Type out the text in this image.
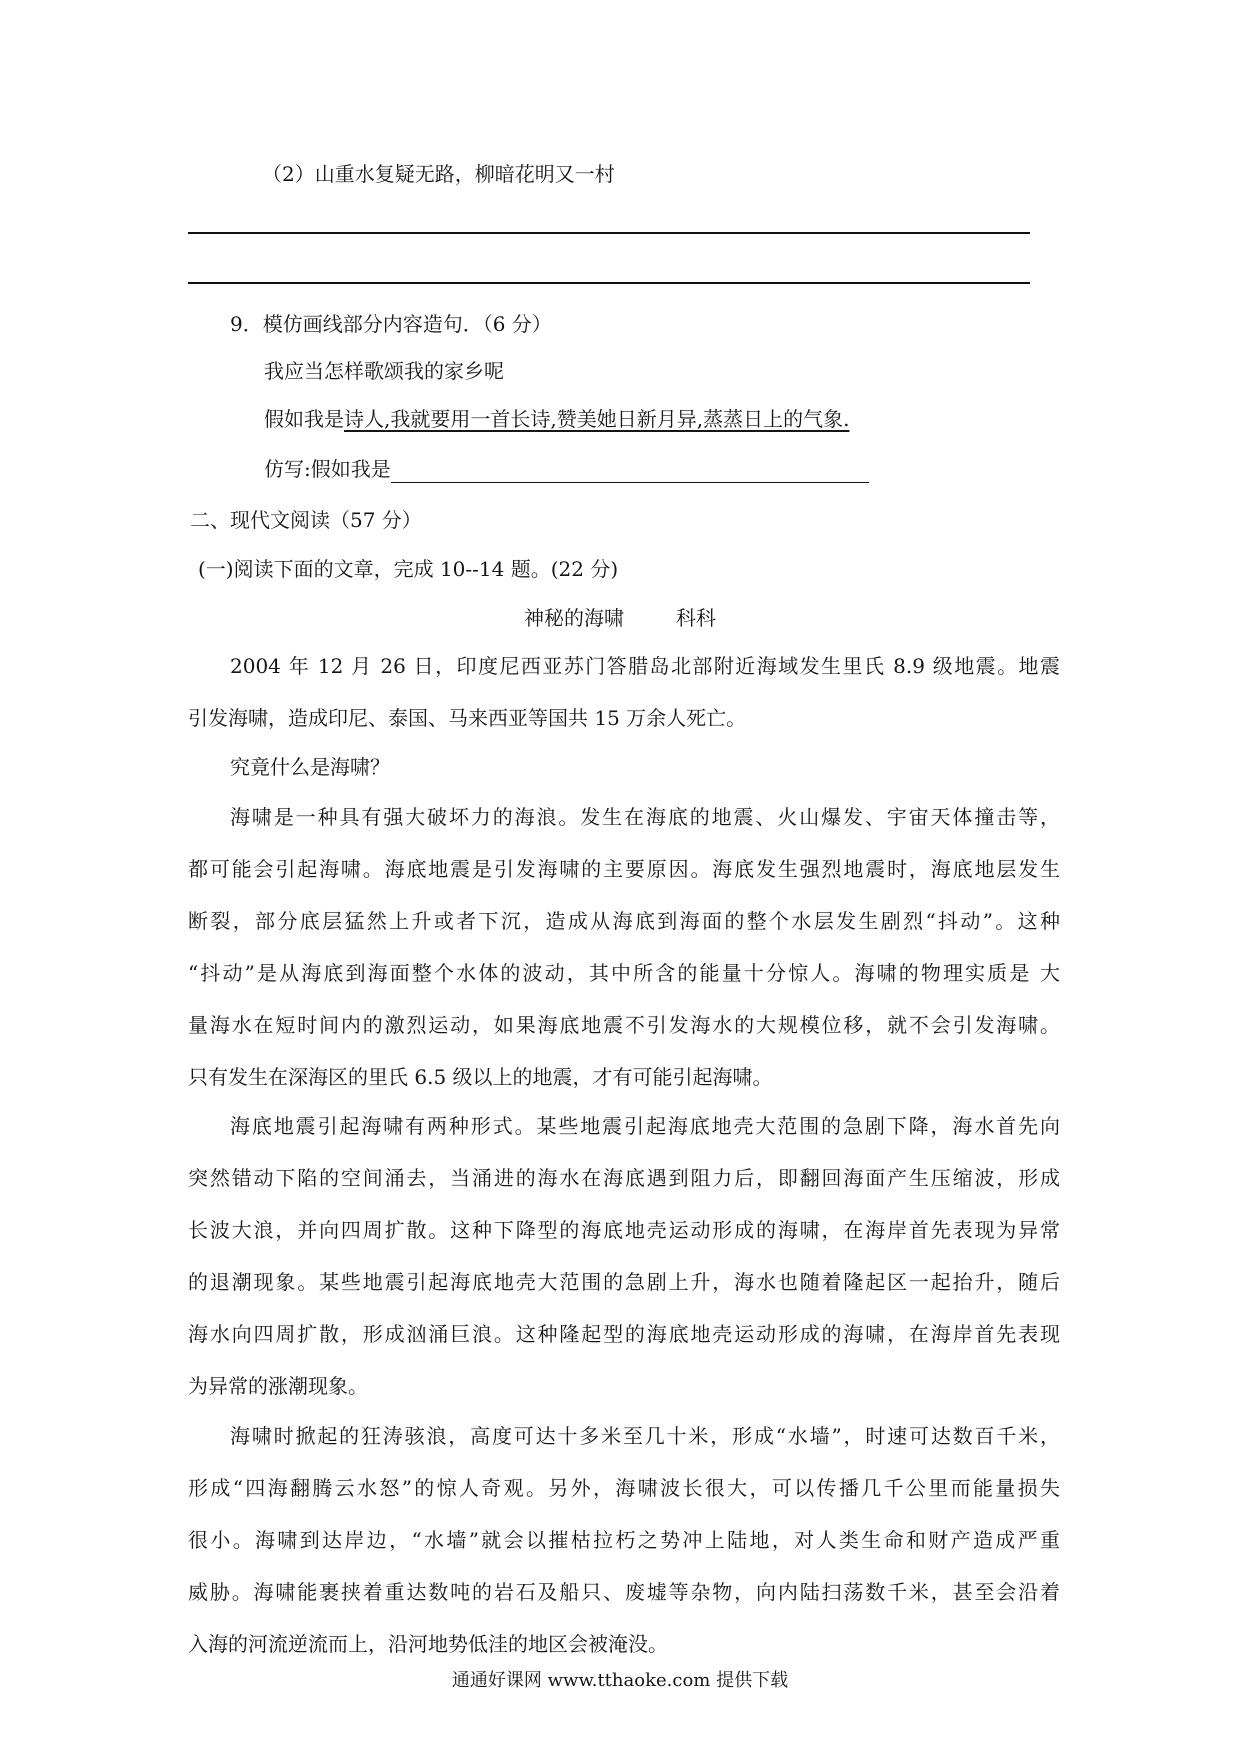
（2）山重水复疑无路，柳暗花明又一村
9．模仿画线部分内容造句．（6 分）
我应当怎样歌颂我的家乡呢
假如我是诗人,我就要用一首长诗,赞美她日新月异,蒸蒸日上的气象.
仿写:假如我是
二、现代文阅读（57 分）
(一)阅读下面的文章，完成 10--14 题。(22 分)
神秘的海啸	科科
2004 年 12 月 26 日，印度尼西亚苏门答腊岛北部附近海域发生里氏 8.9 级地震。地震
引发海啸，造成印尼、泰国、马来西亚等国共 15 万余人死亡。
究竟什么是海啸？
海啸是一种具有强大破坏力的海浪。发生在海底的地震、火山爆发、宇宙天体撞击等，
都可能会引起海啸。海底地震是引发海啸的主要原因。海底发生强烈地震时，海底地层发生
断裂，部分底层猛然上升或者下沉，造成从海底到海面的整个水层发生剧烈“抖动”。这种
“抖动”是从海底到海面整个水体的波动，其中所含的能量十分惊人。海啸的物理实质是 大
量海水在短时间内的激烈运动，如果海底地震不引发海水的大规模位移，就不会引发海啸。
只有发生在深海区的里氏 6.5 级以上的地震，才有可能引起海啸。
海底地震引起海啸有两种形式。某些地震引起海底地壳大范围的急剧下降，海水首先向
突然错动下陷的空间涌去，当涌进的海水在海底遇到阻力后，即翻回海面产生压缩波，形成
长波大浪，并向四周扩散。这种下降型的海底地壳运动形成的海啸，在海岸首先表现为异常
的退潮现象。某些地震引起海底地壳大范围的急剧上升，海水也随着隆起区一起抬升，随后
海水向四周扩散，形成汹涌巨浪。这种隆起型的海底地壳运动形成的海啸，在海岸首先表现
为异常的涨潮现象。
海啸时掀起的狂涛骇浪，高度可达十多米至几十米，形成“水墙”，时速可达数百千米，
形成“四海翻腾云水怒”的惊人奇观。另外，海啸波长很大，可以传播几千公里而能量损失
很小。海啸到达岸边，“水墙”就会以摧枯拉朽之势冲上陆地，对人类生命和财产造成严重
威胁。海啸能裹挟着重达数吨的岩石及船只、废墟等杂物，向内陆扫荡数千米，甚至会沿着
入海的河流逆流而上，沿河地势低洼的地区会被淹没。
通通好课网 www.tthaoke.com 提供下载
